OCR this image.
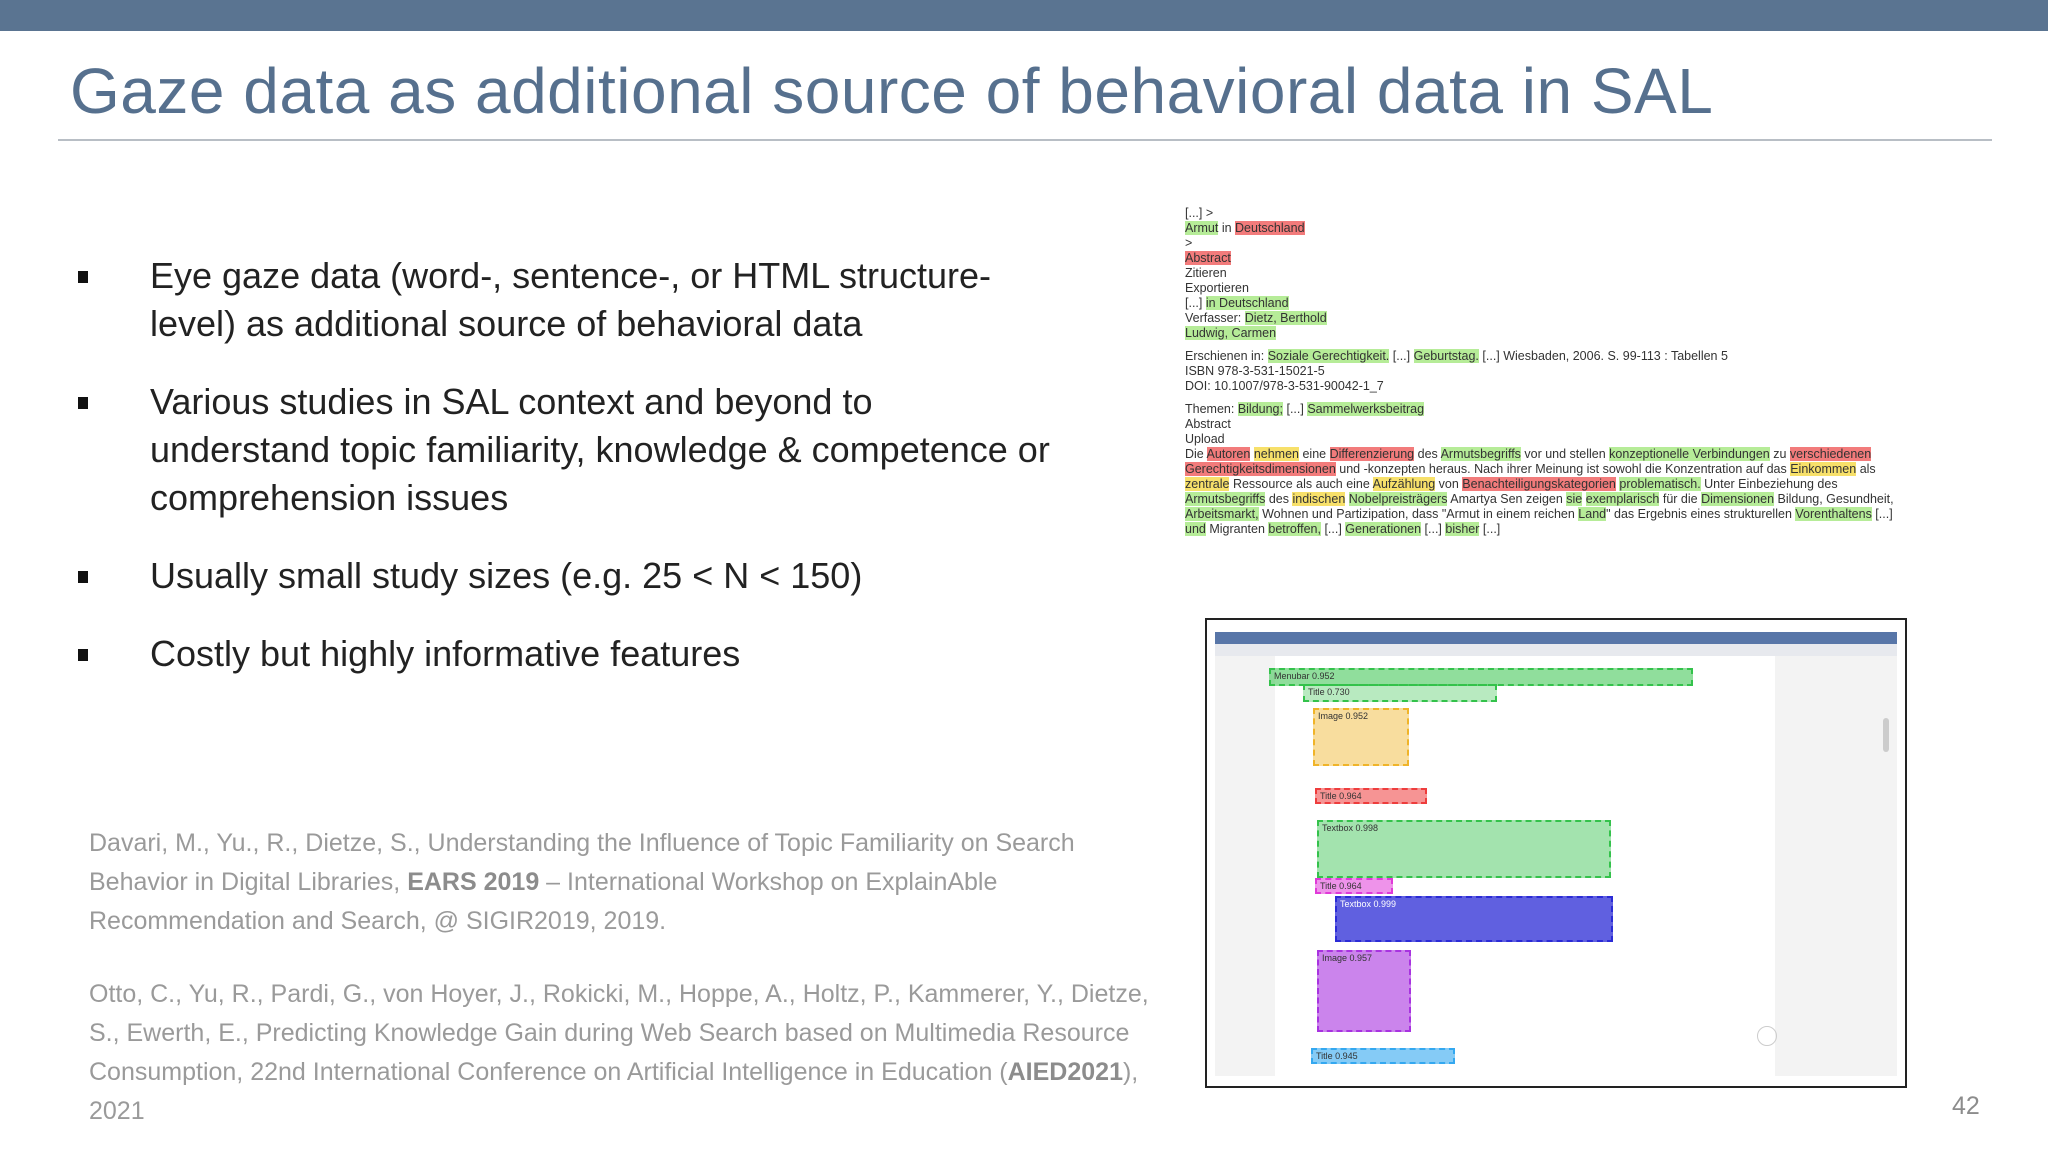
Gaze data as additional source of behavioral data in SAL
Eye gaze data (word-, sentence-, or HTML structure-level) as additional source of behavioral data
Various studies in SAL context and beyond to understand topic familiarity, knowledge & competence or comprehension issues
Usually small study sizes (e.g. 25 < N < 150)
Costly but highly informative features

Davari, M., Yu., R., Dietze, S., Understanding the Influence of Topic Familiarity on Search Behavior in Digital Libraries, EARS 2019 – International Workshop on ExplainAble Recommendation and Search, @ SIGIR2019, 2019.

Otto, C., Yu, R., Pardi, G., von Hoyer, J., Rokicki, M., Hoppe, A., Holtz, P., Kammerer, Y., Dietze, S., Ewerth, E., Predicting Knowledge Gain during Web Search based on Multimedia Resource Consumption, 22nd International Conference on Artificial Intelligence in Education (AIED2021), 2021	42
[...] >
Armut in Deutschland
>
Abstract
Zitieren
Exportieren
[...] in Deutschland
Verfasser: Dietz, Berthold
Ludwig, Carmen
Erschienen in: Soziale Gerechtigkeit. [...] Geburtstag. [...] Wiesbaden, 2006. S. 99-113 : Tabellen 5
ISBN 978-3-531-15021-5
DOI: 10.1007/978-3-531-90042-1_7
Themen: Bildung; [...] Sammelwerksbeitrag
Abstract
Upload
Die Autoren nehmen eine Differenzierung des Armutsbegriffs vor und stellen konzeptionelle Verbindungen zu verschiedenen
Gerechtigkeitsdimensionen und -konzepten heraus. Nach ihrer Meinung ist sowohl die Konzentration auf das Einkommen als
zentrale Ressource als auch eine Aufzählung von Benachteiligungskategorien problematisch. Unter Einbeziehung des
Armutsbegriffs des indischen Nobelpreisträgers Amartya Sen zeigen sie exemplarisch für die Dimensionen Bildung, Gesundheit,
Arbeitsmarkt, Wohnen und Partizipation, dass "Armut in einem reichen Land" das Ergebnis eines strukturellen Vorenthaltens [...]
und Migranten betroffen, [...] Generationen [...] bisher [...]
Menubar 0.952
Title 0.730
Image 0.952
Title 0.964
Textbox 0.998
Title 0.964
Textbox 0.999
Image 0.957
Title 0.945
